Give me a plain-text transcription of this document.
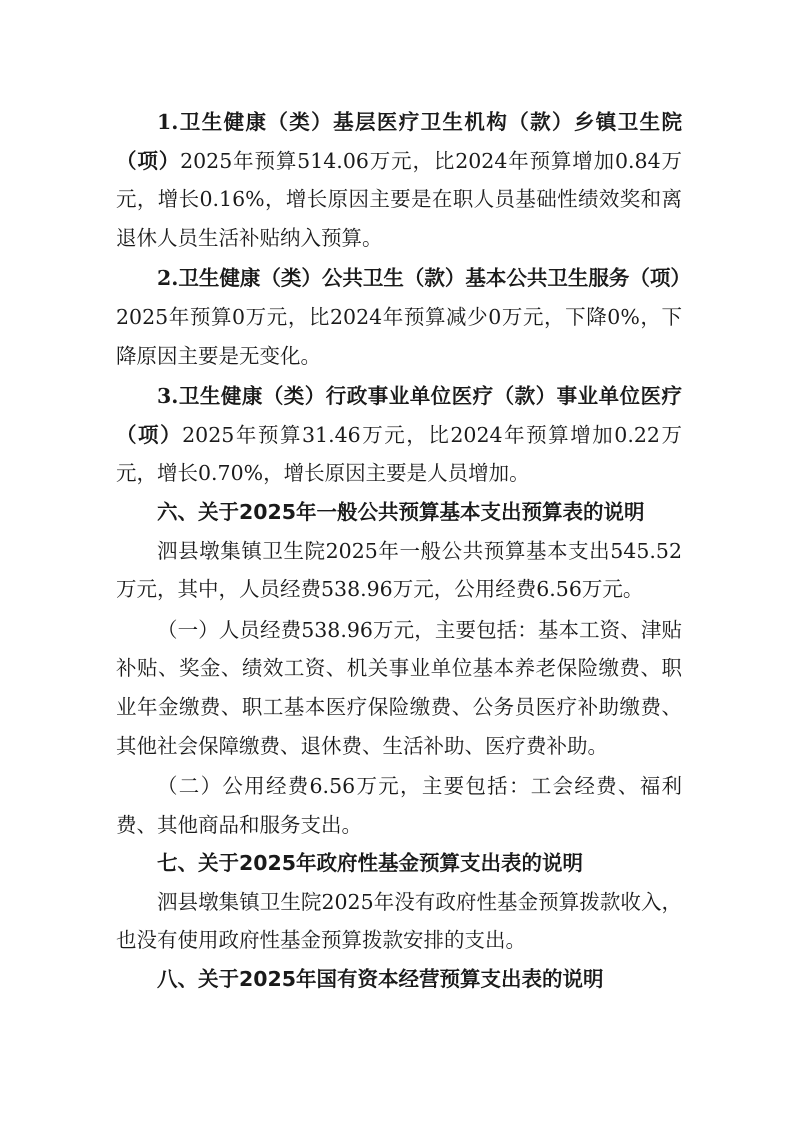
1.卫生健康（类）基层医疗卫生机构（款）乡镇卫生院（项）2025年预算514.06万元，比2024年预算增加0.84万元，增长0.16%，增长原因主要是在职人员基础性绩效奖和离退休人员生活补贴纳入预算。

2.卫生健康（类）公共卫生（款）基本公共卫生服务（项）2025年预算0万元，比2024年预算减少0万元，下降0%，下降原因主要是无变化。

3.卫生健康（类）行政事业单位医疗（款）事业单位医疗（项）2025年预算31.46万元，比2024年预算增加0.22万元，增长0.70%，增长原因主要是人员增加。

六、关于2025年一般公共预算基本支出预算表的说明

泗县墩集镇卫生院2025年一般公共预算基本支出545.52万元，其中，人员经费538.96万元，公用经费6.56万元。

（一）人员经费538.96万元，主要包括：基本工资、津贴补贴、奖金、绩效工资、机关事业单位基本养老保险缴费、职业年金缴费、职工基本医疗保险缴费、公务员医疗补助缴费、其他社会保障缴费、退休费、生活补助、医疗费补助。

（二）公用经费6.56万元，主要包括：工会经费、福利费、其他商品和服务支出。

七、关于2025年政府性基金预算支出表的说明

泗县墩集镇卫生院2025年没有政府性基金预算拨款收入，也没有使用政府性基金预算拨款安排的支出。

八、关于2025年国有资本经营预算支出表的说明
